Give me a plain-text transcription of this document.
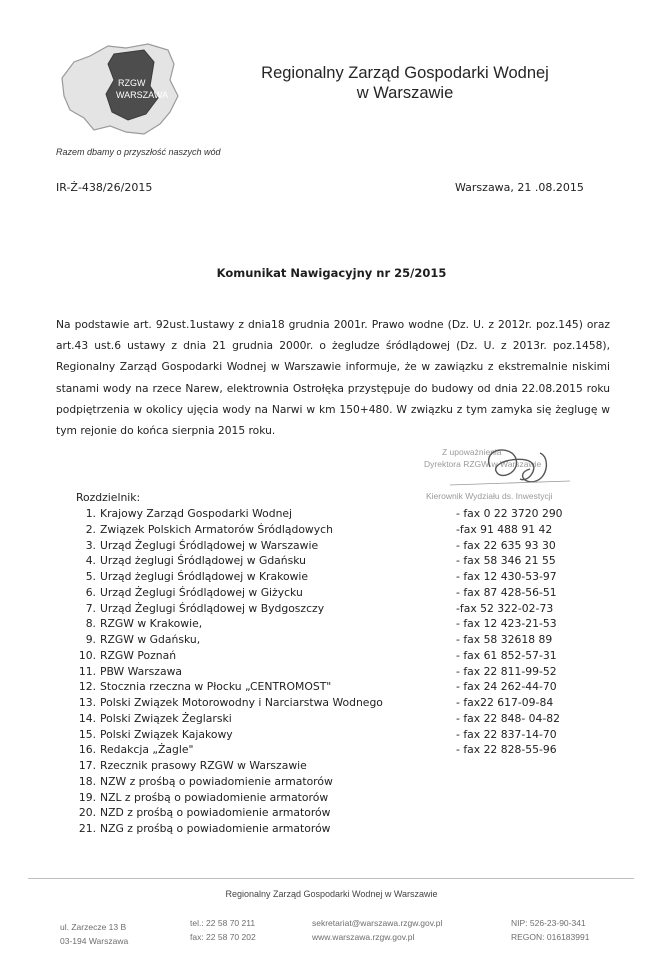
RZGW
WARSZAWA
Regionalny Zarząd Gospodarki Wodnej
w Warszawie
Razem dbamy o przyszłość naszych wód
IR-Ż-438/26/2015	Warszawa, 21 .08.2015
Komunikat Nawigacyjny nr 25/2015
Na podstawie art. 92ust.1ustawy z dnia18 grudnia 2001r. Prawo wodne (Dz. U. z 2012r. poz.145) oraz art.43 ust.6 ustawy z dnia 21 grudnia 2000r. o żegludze śródlądowej (Dz. U. z 2013r. poz.1458), Regionalny Zarząd Gospodarki Wodnej w Warszawie informuje, że w zawiązku z ekstremalnie niskimi stanami wody na rzece Narew, elektrownia Ostrołęka przystępuje do budowy od dnia 22.08.2015 roku podpiętrzenia w okolicy ujęcia wody na Narwi w km 150+480. W związku z tym zamyka się żeglugę w tym rejonie do końca sierpnia 2015 roku.
Z upoważnienia
Dyrektora RZGW w Warszawie
Kierownik Wydziału ds. Inwestycji
Rozdzielnik:
1. Krajowy Zarząd Gospodarki Wodnej	- fax 0 22 3720 290
2. Związek Polskich Armatorów Śródlądowych	-fax 91 488 91 42
3. Urząd Żeglugi Śródlądowej w Warszawie	- fax 22 635 93 30
4. Urząd żeglugi Śródlądowej w Gdańsku	- fax 58 346 21 55
5. Urząd żeglugi Śródlądowej w Krakowie	- fax 12 430-53-97
6. Urząd Żeglugi Śródlądowej w Giżycku	- fax 87 428-56-51
7. Urząd Żeglugi Śródlądowej w Bydgoszczy	-fax 52 322-02-73
8. RZGW w Krakowie,	- fax 12 423-21-53
9. RZGW w Gdańsku,	- fax 58 32618 89
10. RZGW Poznań	- fax 61 852-57-31
11. PBW Warszawa	- fax 22 811-99-52
12. Stocznia rzeczna w Płocku „CENTROMOST"	- fax 24 262-44-70
13. Polski Związek Motorowodny i Narciarstwa Wodnego	- fax22 617-09-84
14. Polski Związek Żeglarski	- fax 22 848- 04-82
15. Polski Związek Kajakowy	- fax 22 837-14-70
16. Redakcja „Żagle"	- fax 22 828-55-96
17. Rzecznik prasowy RZGW w Warszawie
18. NZW z prośbą o powiadomienie armatorów
19. NZL z prośbą o powiadomienie armatorów
20. NZD z prośbą o powiadomienie armatorów
21. NZG z prośbą o powiadomienie armatorów
Regionalny Zarząd Gospodarki Wodnej w Warszawie
ul. Zarzecze 13 B
03-194 Warszawa
tel.: 22 58 70 211
fax: 22 58 70 202
sekretariat@warszawa.rzgw.gov.pl
www.warszawa.rzgw.gov.pl
NIP: 526-23-90-341
REGON: 016183991
